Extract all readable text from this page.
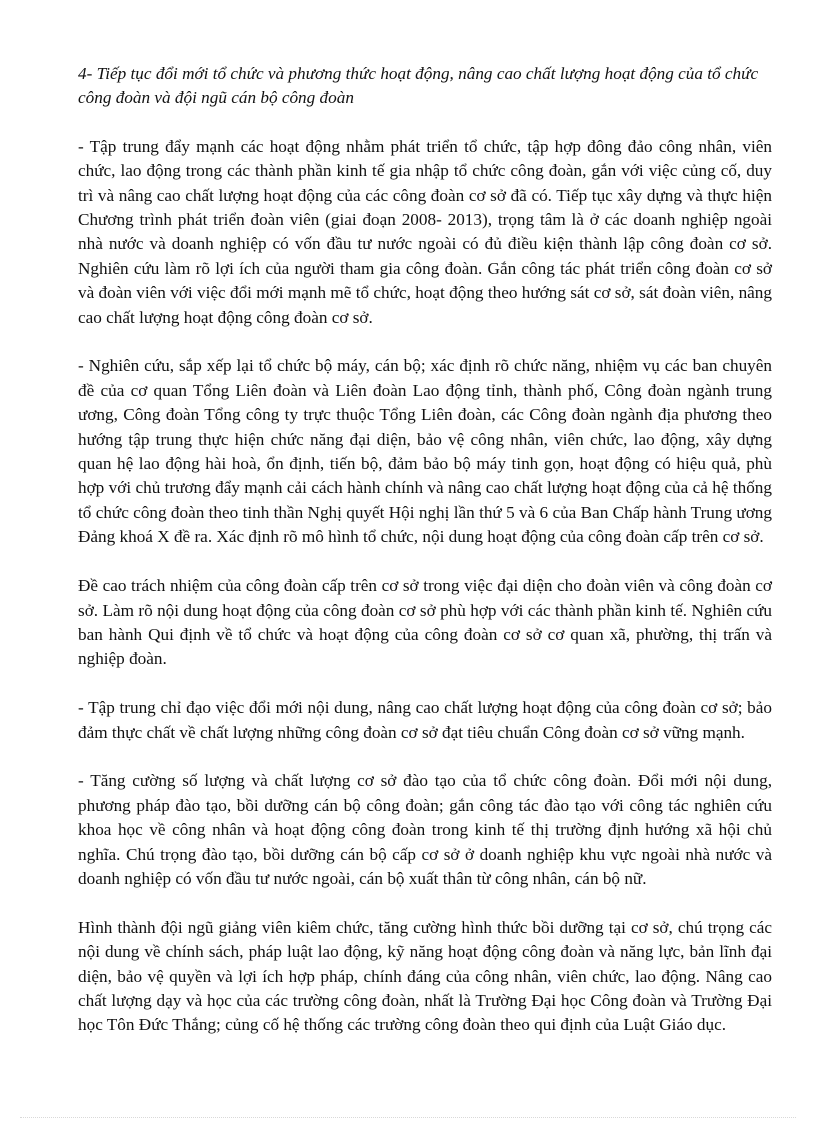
4- Tiếp tục đổi mới tổ chức và phương thức hoạt động, nâng cao chất lượng hoạt động của tổ chức công đoàn và đội ngũ cán bộ công đoàn

- Tập trung đẩy mạnh các hoạt động nhằm phát triển tổ chức, tập hợp đông đảo công nhân, viên chức, lao động trong các thành phần kinh tế gia nhập tổ chức công đoàn, gắn với việc củng cố, duy trì và nâng cao chất lượng hoạt động của các công đoàn cơ sở đã có. Tiếp tục xây dựng và thực hiện Chương trình phát triển đoàn viên (giai đoạn 2008- 2013), trọng tâm là ở các doanh nghiệp ngoài nhà nước và doanh nghiệp có vốn đầu tư nước ngoài có đủ điều kiện thành lập công đoàn cơ sở. Nghiên cứu làm rõ lợi ích của người tham gia công đoàn. Gắn công tác phát triển công đoàn cơ sở và đoàn viên với việc đổi mới mạnh mẽ tổ chức, hoạt động theo hướng sát cơ sở, sát đoàn viên, nâng cao chất lượng hoạt động công đoàn cơ sở.

- Nghiên cứu, sắp xếp lại tổ chức bộ máy, cán bộ; xác định rõ chức năng, nhiệm vụ các ban chuyên đề của cơ quan Tổng Liên đoàn và Liên đoàn Lao động tỉnh, thành phố, Công đoàn ngành trung ương, Công đoàn Tổng công ty trực thuộc Tổng Liên đoàn, các Công đoàn ngành địa phương theo hướng tập trung thực hiện chức năng đại diện, bảo vệ công nhân, viên chức, lao động, xây dựng quan hệ lao động hài hoà, ổn định, tiến bộ, đảm bảo bộ máy tinh gọn, hoạt động có hiệu quả, phù hợp với chủ trương đẩy mạnh cải cách hành chính và nâng cao chất lượng hoạt động của cả hệ thống tổ chức công đoàn theo tinh thần Nghị quyết Hội nghị lần thứ 5 và 6 của Ban Chấp hành Trung ương Đảng khoá X đề ra. Xác định rõ mô hình tổ chức, nội dung hoạt động của công đoàn cấp trên cơ sở.

Đề cao trách nhiệm của công đoàn cấp trên cơ sở trong việc đại diện cho đoàn viên và công đoàn cơ sở. Làm rõ nội dung hoạt động của công đoàn cơ sở phù hợp với các thành phần kinh tế. Nghiên cứu ban hành Qui định về tổ chức và hoạt động của công đoàn cơ sở cơ quan xã, phường, thị trấn và nghiệp đoàn.

- Tập trung chỉ đạo việc đổi mới nội dung, nâng cao chất lượng hoạt động của công đoàn cơ sở; bảo đảm thực chất về chất lượng những công đoàn cơ sở đạt tiêu chuẩn Công đoàn cơ sở vững mạnh.

- Tăng cường số lượng và chất lượng cơ sở đào tạo của tổ chức công đoàn. Đổi mới nội dung, phương pháp đào tạo, bồi dưỡng cán bộ công đoàn; gắn công tác đào tạo với công tác nghiên cứu khoa học về công nhân và hoạt động công đoàn trong kinh tế thị trường định hướng xã hội chủ nghĩa. Chú trọng đào tạo, bồi dưỡng cán bộ cấp cơ sở ở doanh nghiệp khu vực ngoài nhà nước và doanh nghiệp có vốn đầu tư nước ngoài, cán bộ xuất thân từ công nhân, cán bộ nữ.

Hình thành đội ngũ giảng viên kiêm chức, tăng cường hình thức bồi dưỡng tại cơ sở, chú trọng các nội dung về chính sách, pháp luật lao động, kỹ năng hoạt động công đoàn và năng lực, bản lĩnh đại diện, bảo vệ quyền và lợi ích hợp pháp, chính đáng của công nhân, viên chức, lao động. Nâng cao chất lượng dạy và học của các trường công đoàn, nhất là Trường Đại học Công đoàn và Trường Đại học Tôn Đức Thắng; củng cố hệ thống các trường công đoàn theo qui định của Luật Giáo dục.
